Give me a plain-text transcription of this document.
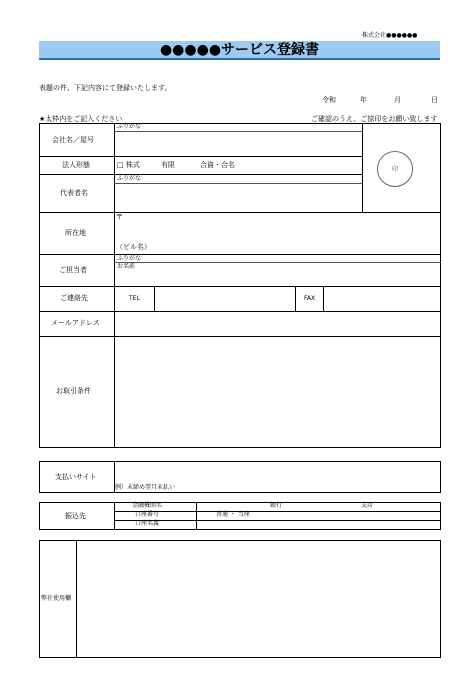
株式会社●●●●●●
●●●●●サービス登録書
表題の件、下記内容にて登録いたします。
令和	年	月	日
★太枠内をご記入ください	ご確認のうえ、ご捺印をお願い致します
会社名／屋号
ふりがな
法人形態	□ 株式	有限	合資・合名
代表者名
ふりがな
印
所在地
〒
（ビル名）
ご担当者
ふりがな
お名前
ご連絡先	TEL	FAX
メールアドレス
お取引条件
支払いサイト
例）末締め翌月末払い
振込先
金融機関名	銀行	支店
口座番号	普通 ・ 当座
口座名義
弊社使用欄
